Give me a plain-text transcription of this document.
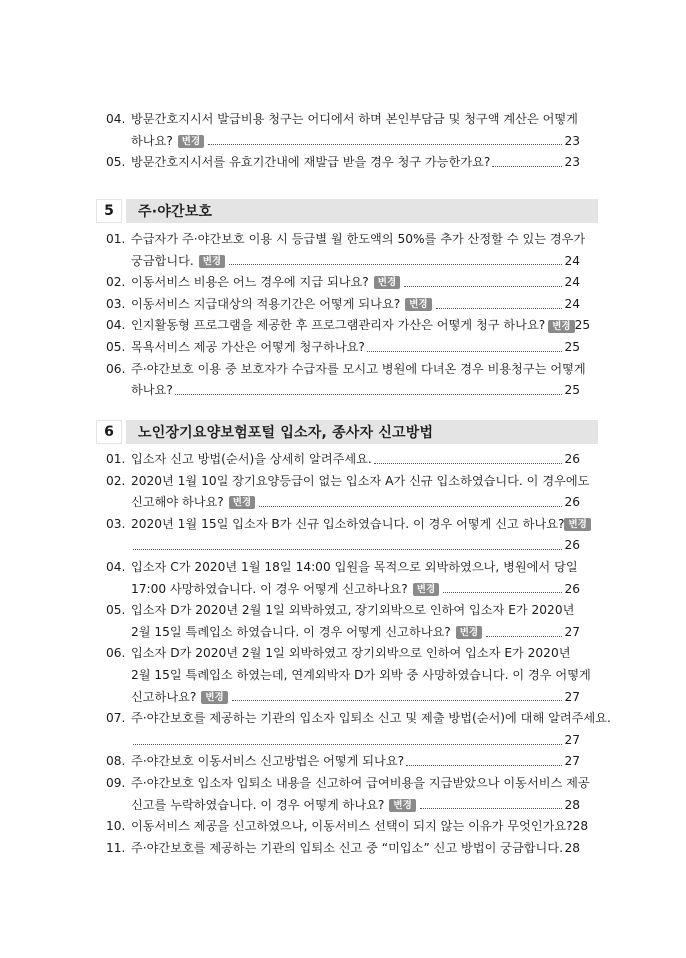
04. 방문간호지시서 발급비용 청구는 어디에서 하며 본인부담금 및 청구액 계산은 어떻게
하나요? 변경	23
05. 방문간호지시서를 유효기간내에 재발급 받을 경우 청구 가능한가요?	23
5	주·야간보호
01. 수급자가 주·야간보호 이용 시 등급별 월 한도액의 50%를 추가 산정할 수 있는 경우가
궁금합니다. 변경	24
02. 이동서비스 비용은 어느 경우에 지급 되나요? 변경	24
03. 이동서비스 지급대상의 적용기간은 어떻게 되나요? 변경	24
04. 인지활동형 프로그램을 제공한 후 프로그램관리자 가산은 어떻게 청구 하나요? 변경 25
05. 목욕서비스 제공 가산은 어떻게 청구하나요?	25
06. 주·야간보호 이용 중 보호자가 수급자를 모시고 병원에 다녀온 경우 비용청구는 어떻게
하나요?	25
6	노인장기요양보험포털 입소자, 종사자 신고방법
01. 입소자 신고 방법(순서)을 상세히 알려주세요.	26
02. 2020년 1월 10일 장기요양등급이 없는 입소자 A가 신규 입소하였습니다. 이 경우에도
신고해야 하나요? 변경	26
03. 2020년 1월 15일 입소자 B가 신규 입소하였습니다. 이 경우 어떻게 신고 하나요? 변경
26
04. 입소자 C가 2020년 1월 18일 14:00 입원을 목적으로 외박하였으나, 병원에서 당일
17:00 사망하였습니다. 이 경우 어떻게 신고하나요? 변경	26
05. 입소자 D가 2020년 2월 1일 외박하였고, 장기외박으로 인하여 입소자 E가 2020년
2월 15일 특례입소 하였습니다. 이 경우 어떻게 신고하나요? 변경	27
06. 입소자 D가 2020년 2월 1일 외박하였고 장기외박으로 인하여 입소자 E가 2020년
2월 15일 특례입소 하였는데, 연계외박자 D가 외박 중 사망하였습니다. 이 경우 어떻게
신고하나요? 변경	27
07. 주·야간보호를 제공하는 기관의 입소자 입퇴소 신고 및 제출 방법(순서)에 대해 알려주세요.
27
08. 주·야간보호 이동서비스 신고방법은 어떻게 되나요?	27
09. 주·야간보호 입소자 입퇴소 내용을 신고하여 급여비용을 지급받았으나 이동서비스 제공
신고를 누락하였습니다. 이 경우 어떻게 하나요? 변경	28
10. 이동서비스 제공을 신고하였으나, 이동서비스 선택이 되지 않는 이유가 무엇인가요? 28
11. 주·야간보호를 제공하는 기관의 입퇴소 신고 중 “미입소” 신고 방법이 궁금합니다. 28
